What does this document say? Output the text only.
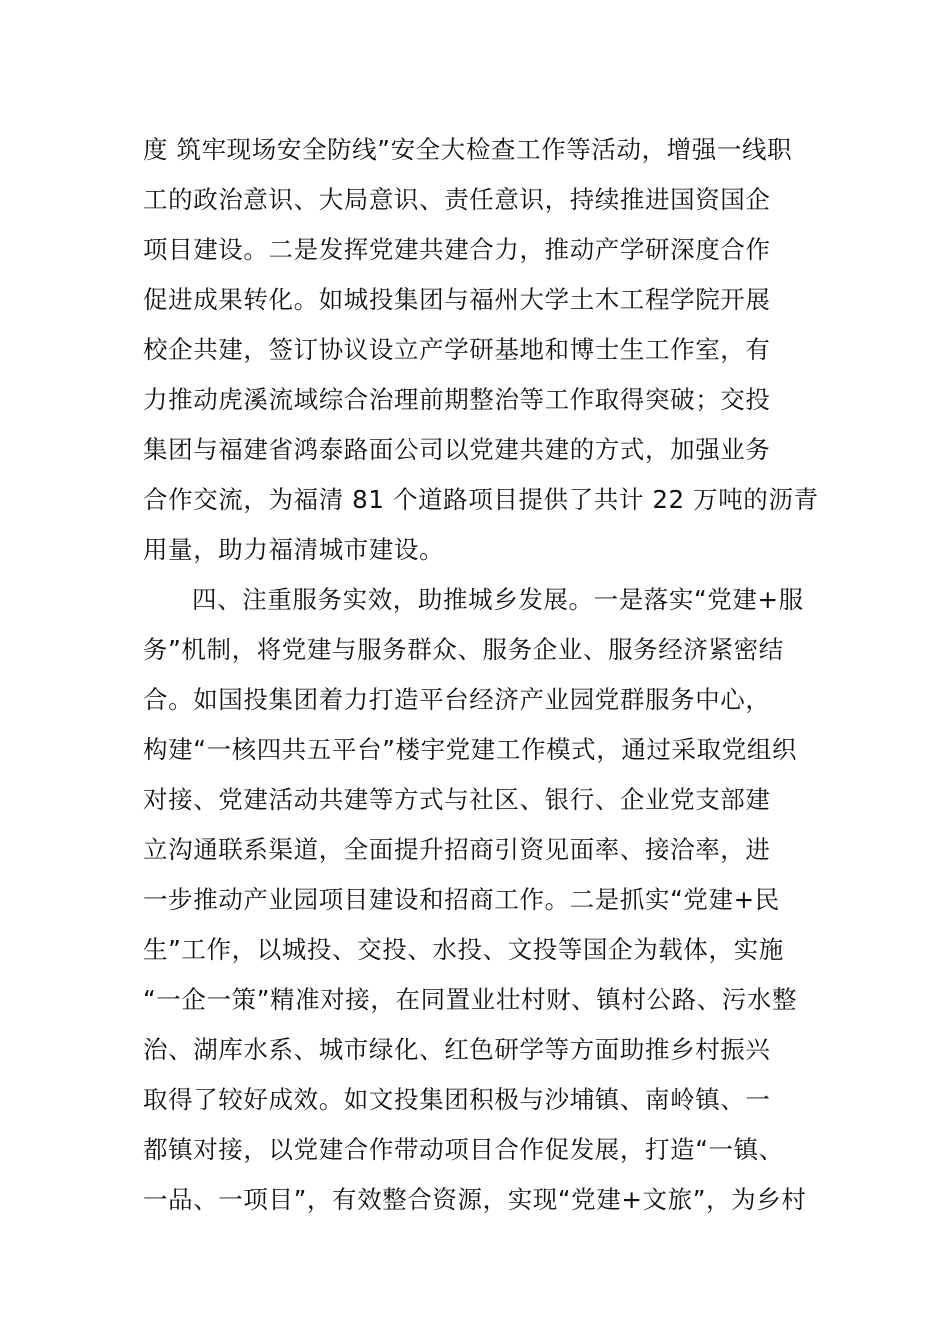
度 筑牢现场安全防线”安全大检查工作等活动，增强一线职
工的政治意识、大局意识、责任意识，持续推进国资国企
项目建设。二是发挥党建共建合力，推动产学研深度合作
促进成果转化。如城投集团与福州大学土木工程学院开展
校企共建，签订协议设立产学研基地和博士生工作室，有
力推动虎溪流域综合治理前期整治等工作取得突破；交投
集团与福建省鸿泰路面公司以党建共建的方式，加强业务
合作交流，为福清 81 个道路项目提供了共计 22 万吨的沥青
用量，助力福清城市建设。
四、注重服务实效，助推城乡发展。一是落实“党建+服
务”机制，将党建与服务群众、服务企业、服务经济紧密结
合。如国投集团着力打造平台经济产业园党群服务中心，
构建“一核四共五平台”楼宇党建工作模式，通过采取党组织
对接、党建活动共建等方式与社区、银行、企业党支部建
立沟通联系渠道，全面提升招商引资见面率、接洽率，进
一步推动产业园项目建设和招商工作。二是抓实“党建+民
生”工作，以城投、交投、水投、文投等国企为载体，实施
“一企一策”精准对接，在同置业壮村财、镇村公路、污水整
治、湖库水系、城市绿化、红色研学等方面助推乡村振兴
取得了较好成效。如文投集团积极与沙埔镇、南岭镇、一
都镇对接，以党建合作带动项目合作促发展，打造“一镇、
一品、一项目”，有效整合资源，实现“党建+文旅”，为乡村
